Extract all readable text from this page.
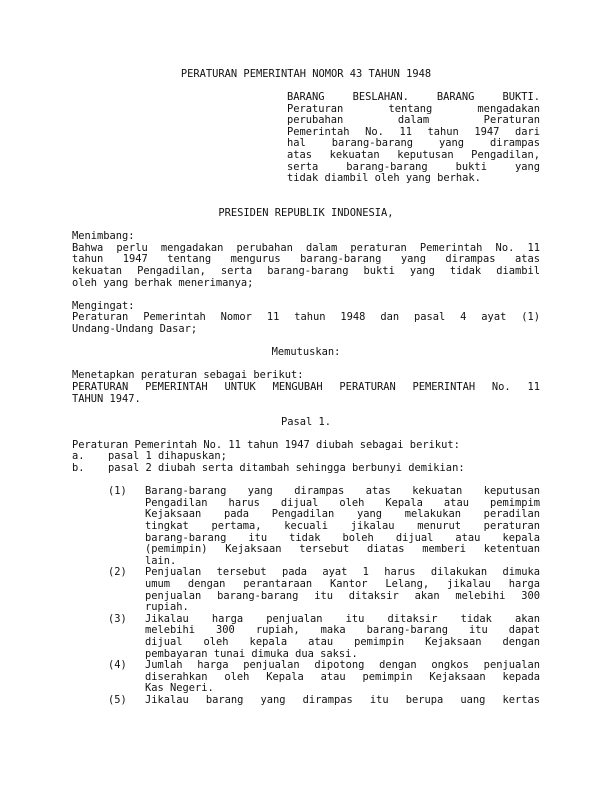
PERATURAN PEMERINTAH NOMOR 43 TAHUN 1948
BARANG BESLAHAN. BARANG BUKTI.
Peraturan tentang mengadakan
perubahan dalam Peraturan
Pemerintah No. 11 tahun 1947 dari
hal barang-barang yang dirampas
atas kekuatan keputusan Pengadilan,
serta barang-barang bukti yang
tidak diambil oleh yang berhak.
PRESIDEN REPUBLIK INDONESIA,
Menimbang:
Bahwa perlu mengadakan perubahan dalam peraturan Pemerintah No. 11
tahun 1947 tentang mengurus barang-barang yang dirampas atas
kekuatan Pengadilan, serta barang-barang bukti yang tidak diambil
oleh yang berhak menerimanya;
Mengingat:
Peraturan Pemerintah Nomor 11 tahun 1948 dan pasal 4 ayat (1)
Undang-Undang Dasar;
Memutuskan:
Menetapkan peraturan sebagai berikut:
PERATURAN PEMERINTAH UNTUK MENGUBAH PERATURAN PEMERINTAH No. 11
TAHUN 1947.
Pasal 1.
Peraturan Pemerintah No. 11 tahun 1947 diubah sebagai berikut:
a.	pasal 1 dihapuskan;
b.	pasal 2 diubah serta ditambah sehingga berbunyi demikian:
(1)	Barang-barang yang dirampas atas kekuatan keputusan
Pengadilan harus dijual oleh Kepala atau pemimpim
Kejaksaan pada Pengadilan yang melakukan peradilan
tingkat pertama, kecuali jikalau menurut peraturan
barang-barang itu tidak boleh dijual atau kepala
(pemimpin) Kejaksaan tersebut diatas memberi ketentuan
lain.
(2)	Penjualan tersebut pada ayat 1 harus dilakukan dimuka
umum dengan perantaraan Kantor Lelang, jikalau harga
penjualan barang-barang itu ditaksir akan melebihi 300
rupiah.
(3)	Jikalau harga penjualan itu ditaksir tidak akan
melebihi 300 rupiah, maka barang-barang itu dapat
dijual oleh kepala atau pemimpin Kejaksaan dengan
pembayaran tunai dimuka dua saksi.
(4)	Jumlah harga penjualan dipotong dengan ongkos penjualan
diserahkan oleh Kepala atau pemimpin Kejaksaan kepada
Kas Negeri.
(5)	Jikalau barang yang dirampas itu berupa uang kertas
